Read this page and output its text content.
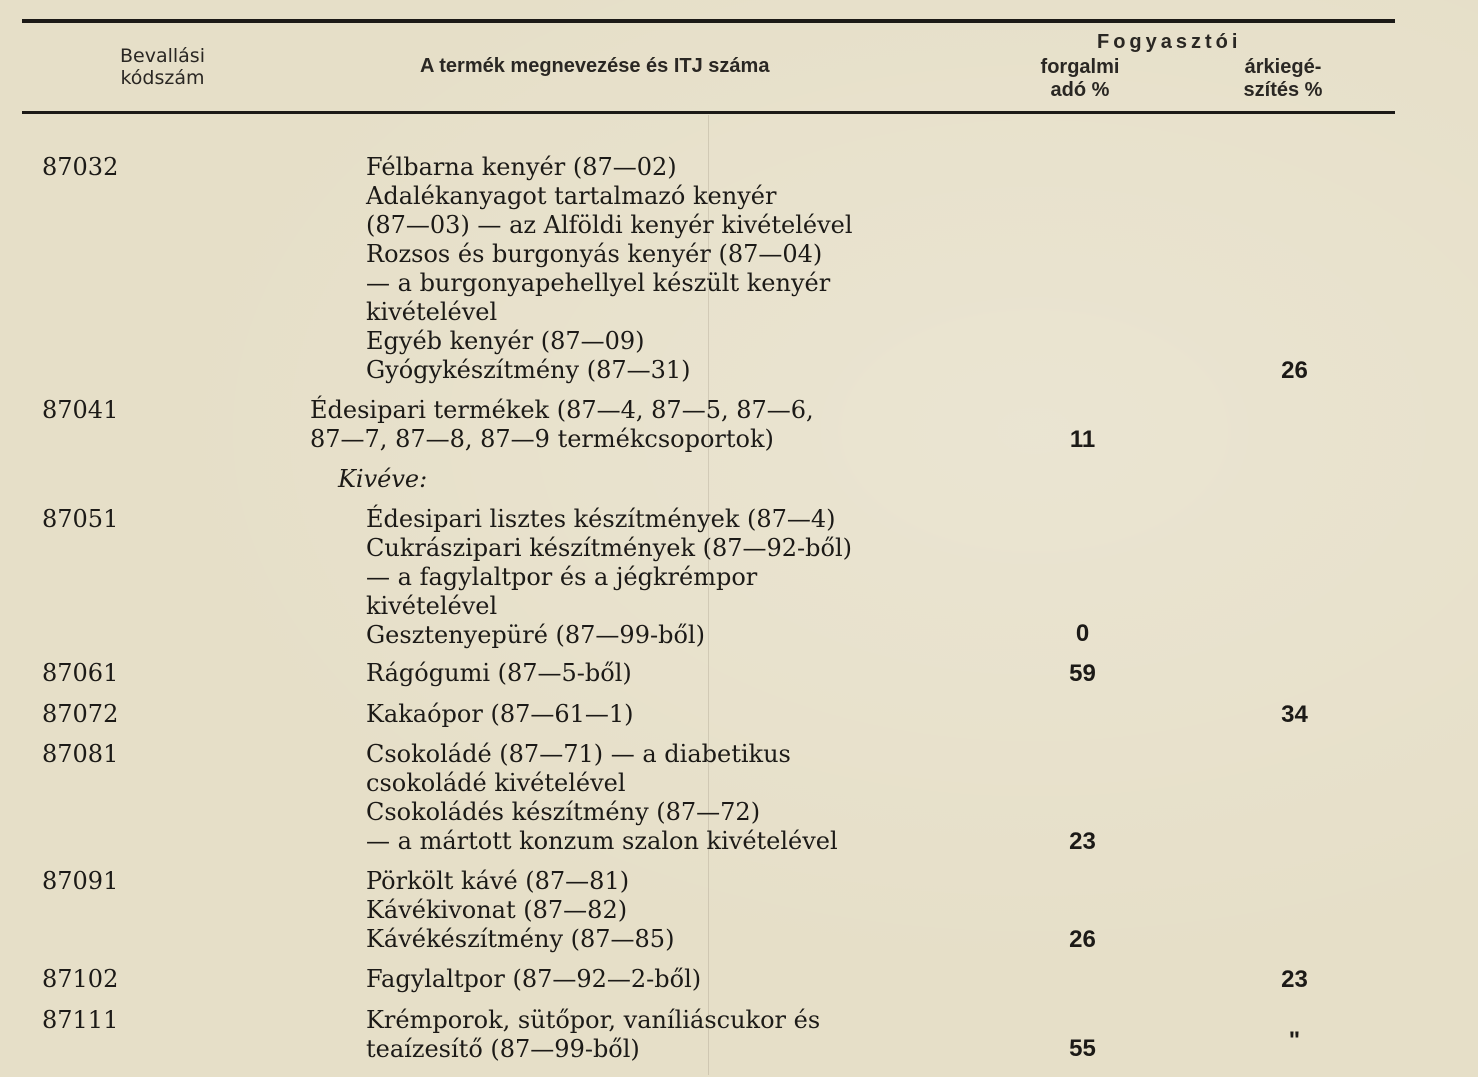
Bevallási kódszám
A termék megnevezése és ITJ száma
Fogyasztói
forgalmi adó %
árkiegé-szítés %
87032	Félbarna kenyér (87—02)
Adalékanyagot tartalmazó kenyér
(87—03) — az Alföldi kenyér kivételével
Rozsos és burgonyás kenyér (87—04)
— a burgonyapehellyel készült kenyér
kivételével
Egyéb kenyér (87—09)
Gyógykészítmény (87—31)	26
87041	Édesipari termékek (87—4, 87—5, 87—6,
87—7, 87—8, 87—9 termékcsoportok)	11
Kivéve:
87051	Édesipari lisztes készítmények (87—4)
Cukrászipari készítmények (87—92-ből)
— a fagylaltpor és a jégkrémpor
kivételével
Gesztenyepüré (87—99-ből)	0
87061	Rágógumi (87—5-ből)	59
87072	Kakaópor (87—61—1)	34
87081	Csokoládé (87—71) — a diabetikus
csokoládé kivételével
Csokoládés készítmény (87—72)
— a mártott konzum szalon kivételével	23
87091	Pörkölt kávé (87—81)
Kávékivonat (87—82)
Kávékészítmény (87—85)	26
87102	Fagylaltpor (87—92—2-ből)	23
87111	Krémporok, sütőpor, vaníliáscukor és
teaízesítő (87—99-ből)	55	"
